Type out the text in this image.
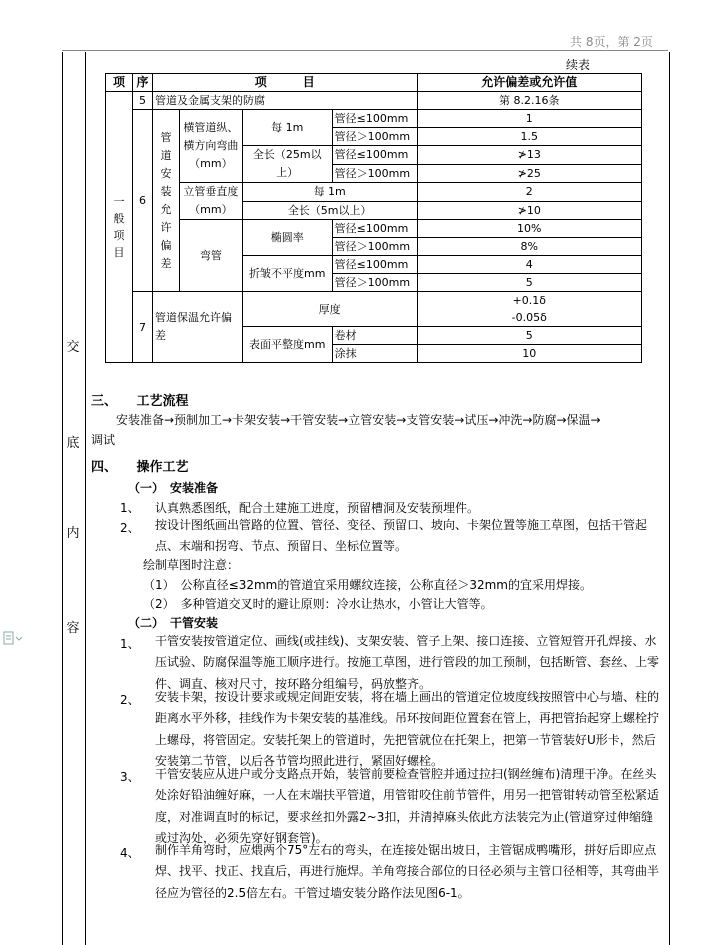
共 8页，第 2页
交
底
内
容
续表
项	序	项　　　目				允许偏差或允许值

一般项目	5	管道及金属支架的防腐				第 8.2.16条
	6	管道安装允许偏差	横管道纵、横方向弯曲（mm）	每 1m	管径≤100mm	1
					管径＞100mm	1.5
				全长（25m以上）	管径≤100mm	≯13
					管径＞100mm	≯25

			立管垂直度（mm）	每 1m		2
				全长（5m以上）		≯10
			弯管	椭圆率	管径≤100mm	10%
					管径＞100mm	8%
				折皱不平度mm	管径≤100mm	4
					管径＞100mm	5
	7	管道保温允许偏差		厚度		+0.1δ
-0.05δ

				表面平整度mm	卷材	5
					涂抹	10
三、　　工艺流程
安装准备→预制加工→卡架安装→干管安装→立管安装→支管安装→试压→冲洗→防腐→保温→
调试
四、　　操作工艺
（一）　安装准备
1、 认真熟悉图纸，配合土建施工进度，预留槽洞及安装预埋件。
2、 按设计图纸画出管路的位置、管径、变径、预留口、坡向、卡架位置等施工草图，包括干管起点、末端和拐弯、节点、预留日、坐标位置等。
绘制草图时注意：
（1）　公称直径≤32mm的管道宜采用螺纹连接，公称直径＞32mm的宜采用焊接。
（2）　多种管道交叉时的避让原则：冷水让热水，小管让大管等。
（二）　干管安装
1、 干管安装按管道定位、画线(或挂线)、支架安装、管子上架、接口连接、立管短管开孔焊接、水压试验、防腐保温等施工顺序进行。按施工草图，进行管段的加工预制，包括断管、套丝、上零件、调直、核对尺寸，按环路分组编号，码放整齐。
2、 安装卡架，按设计要求或规定间距安装，将在墙上画出的管道定位坡度线按照管中心与墙、柱的距离水平外移，挂线作为卡架安装的基准线。吊环按间距位置套在管上，再把管抬起穿上螺栓拧上螺母，将管固定。安装托架上的管道时，先把管就位在托架上，把第一节管装好U形卡，然后安装第二节管，以后各节管均照此进行，紧固好螺栓。
3、 干管安装应从进户或分支路点开始，装管前要检查管腔并通过拉扫(钢丝缠布)清理干净。在丝头处涂好铅油缠好麻，一人在末端扶平管道，用管钳咬住前节管件，用另一把管钳转动管至松紧适度，对准调直时的标记，要求丝扣外露2~3扣，并清掉麻头依此方法装完为止(管道穿过伸缩缝或过沟处，必须先穿好钢套管)。
4、 制作羊角弯时，应煨两个75°左右的弯头，在连接处锯出坡日，主管锯成鸭嘴形，拼好后即应点焊、找平、找正、找直后，再进行施焊。羊角弯接合部位的日径必须与主管口径相等，其弯曲半径应为管径的2.5倍左右。干管过墙安装分路作法见图6-1。
